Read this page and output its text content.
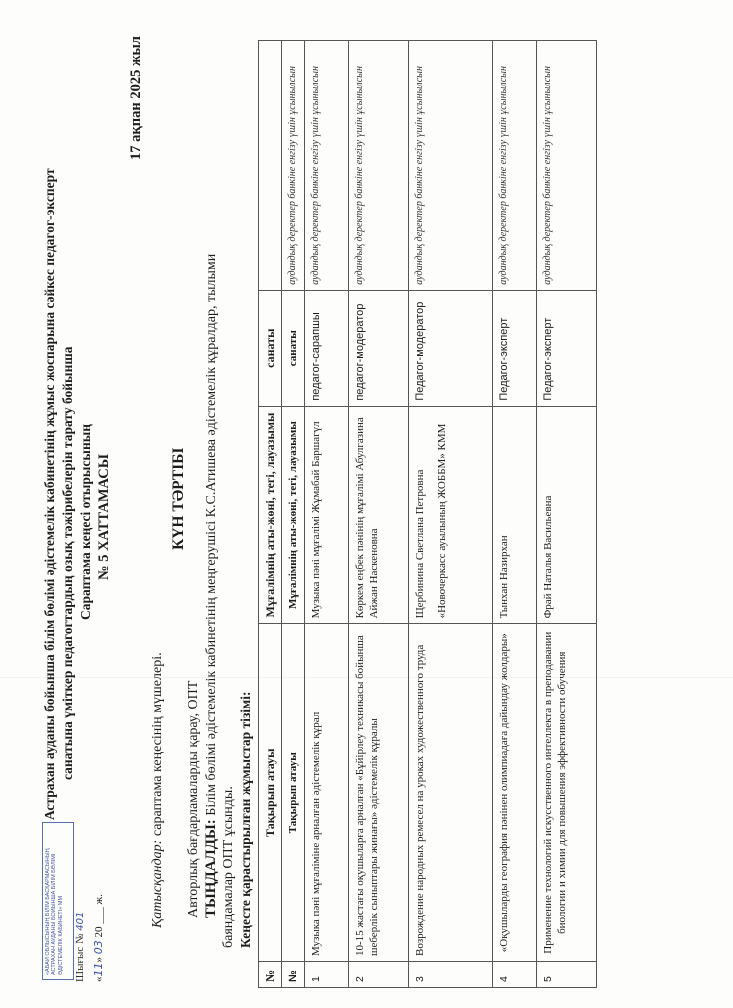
«АБАЙ ОБЛЫСЫНЫҢ БІЛІМ БАСҚАРМАСЫНЫҢ АСТРАХАН АУДАНЫ БОЙЫНША БІЛІМ БӨЛІМІ ӘДІСТЕМЕЛІК КАБИНЕТІ» ММ Шығыс № 401
«11» 03 20 ___ ж.
Астрахан ауданы бойынша білім бөлімі әдістемелік кабинетінің жұмыс жоспарына сәйкес педагог-эксперт санатына үміткер педагогтардың озық тәжірибелерін тарату бойынша Сараптама кеңесі отырысының № 5 ХАТТАМАСЫ
17 ақпан 2025 жыл
Қатысқандар: сараптама кеңесінің мүшелері.
КҮН ТӘРТІБІ
Авторлық бағдарламаларды қарау, ОПТ ТЫҢДАЛДЫ: Білім бөлімі әдістемелік кабинетінің меңгерушісі К.С.Атишева әдістемелік құралдар, тылыми
баяндамалар ОПТ ұсынды. Кеңесте қарастырылған жұмыстар тізімі:
№	Тақырып атауы	Мұғалімнің аты-жөні, тегі, лауазымы	санаты	
№	Тақырып атауы	Мұғалімнің аты-жөні, тегі, лауазымы	санаты	аудандық деректер банкіне енгізу үшін ұсынылсын
1	Музыка пәні мұғаліміне арналған әдістемелік құрал	Музыка пәні мұғалімі Жұмабай Баршагүл	педагог-сарапшы	аудандық деректер банкіне енгізу үшін ұсынылсын
2	10-15 жастағы оқушыларға арналған «Бұйірлеу техникасы бойынша шеберлік сыныптары жинағы» әдістемелік құралы	Көркем еңбек пәнінің мұғалімі Абулгазина Айжан Наскеновна	педагог-модератор	аудандық деректер банкіне енгізу үшін ұсынылсын
3	Возрождение народных ремесел на уроках художественного труда	Щербинина Светлана Петровна «Новочеркасс ауылының ЖОББМ» КММ	Педагог-модератор	аудандық деректер банкіне енгізу үшін ұсынылсын
4	«Оқушыларды география пәнінен олимпиадаға дайындау жолдары»	Тынхан Назирхан	Педагог-эксперт	аудандық деректер банкіне енгізу үшін ұсынылсын
5	Применение технологий искусственного интеллекта в преподавании биологии и химии для повышения эффективности обучения	Фрай Наталья Васильевна	Педагог-эксперт	аудандық деректер банкіне енгізу үшін ұсынылсын
